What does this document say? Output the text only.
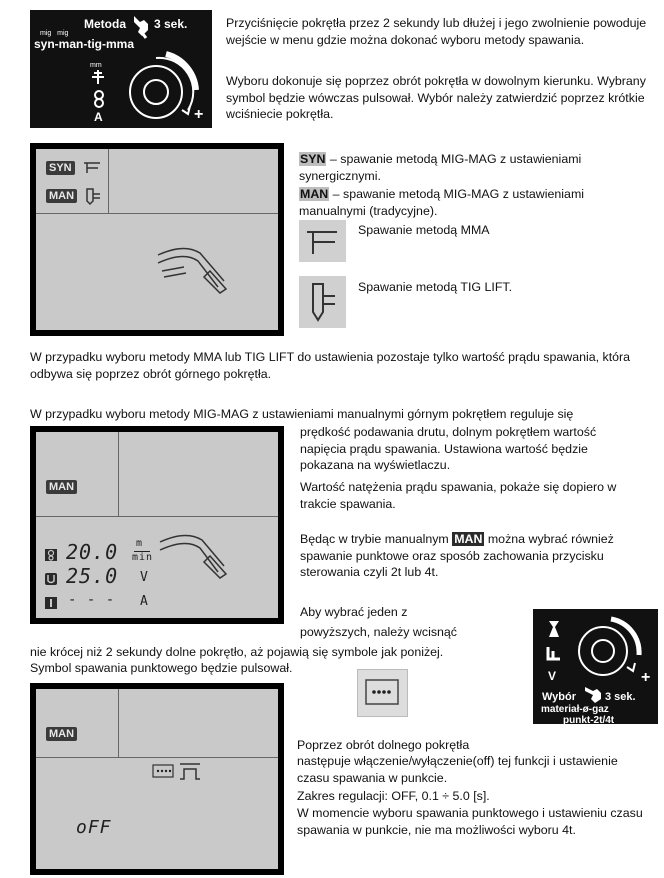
Metoda 3 sek.
mig   mig
syn-man-tig-mma
mm
A	+
Przyciśnięcie pokrętła przez 2 sekundy lub dłużej i jego zwolnienie powoduje wejście w menu gdzie można dokonać wyboru metody spawania.
Wyboru dokonuje się poprzez obrót pokrętła w dowolnym kierunku. Wybrany symbol będzie wówczas pulsował. Wybór należy zatwierdzić poprzez krótkie wciśniecie pokrętła.
SYN
MAN
SYN – spawanie metodą MIG-MAG z ustawieniami synergicznymi.
MAN – spawanie metodą MIG-MAG z ustawieniami manualnymi (tradycyjne).
Spawanie metodą MMA
Spawanie metodą TIG LIFT.
W przypadku wyboru metody MMA lub TIG LIFT do ustawienia pozostaje tylko wartość prądu spawania, która odbywa się poprzez obrót górnego pokrętła.
W przypadku wyboru metody MIG-MAG z ustawieniami manualnymi górnym pokrętłem reguluje się
MAN
20.0 m
min
25.0 V
- - - A
prędkość podawania drutu, dolnym pokrętłem wartość napięcia prądu spawania. Ustawiona wartość będzie pokazana na wyświetlaczu.
Wartość natężenia prądu spawania, pokaże się dopiero w trakcie spawania.
Będąc w trybie manualnym MAN można wybrać również spawanie punktowe oraz sposób zachowania przycisku sterowania czyli 2t lub 4t.
Aby wybrać jeden z
powyższych, należy wcisnąć
nie krócej niż 2 sekundy dolne pokrętło, aż pojawią się symbole jak poniżej.
Symbol spawania punktowego będzie pulsował.
V	+
Wybór	3 sek.
materiał-ø-gaz
punkt-2t/4t
MAN
oFF
Poprzez obrót dolnego pokrętła
następuje włączenie/wyłączenie(off) tej funkcji i ustawienie czasu spawania w punkcie.
Zakres regulacji: OFF, 0.1 ÷ 5.0 [s].
W momencie wyboru spawania punktowego i ustawieniu czasu spawania w punkcie, nie ma możliwości wyboru 4t.
